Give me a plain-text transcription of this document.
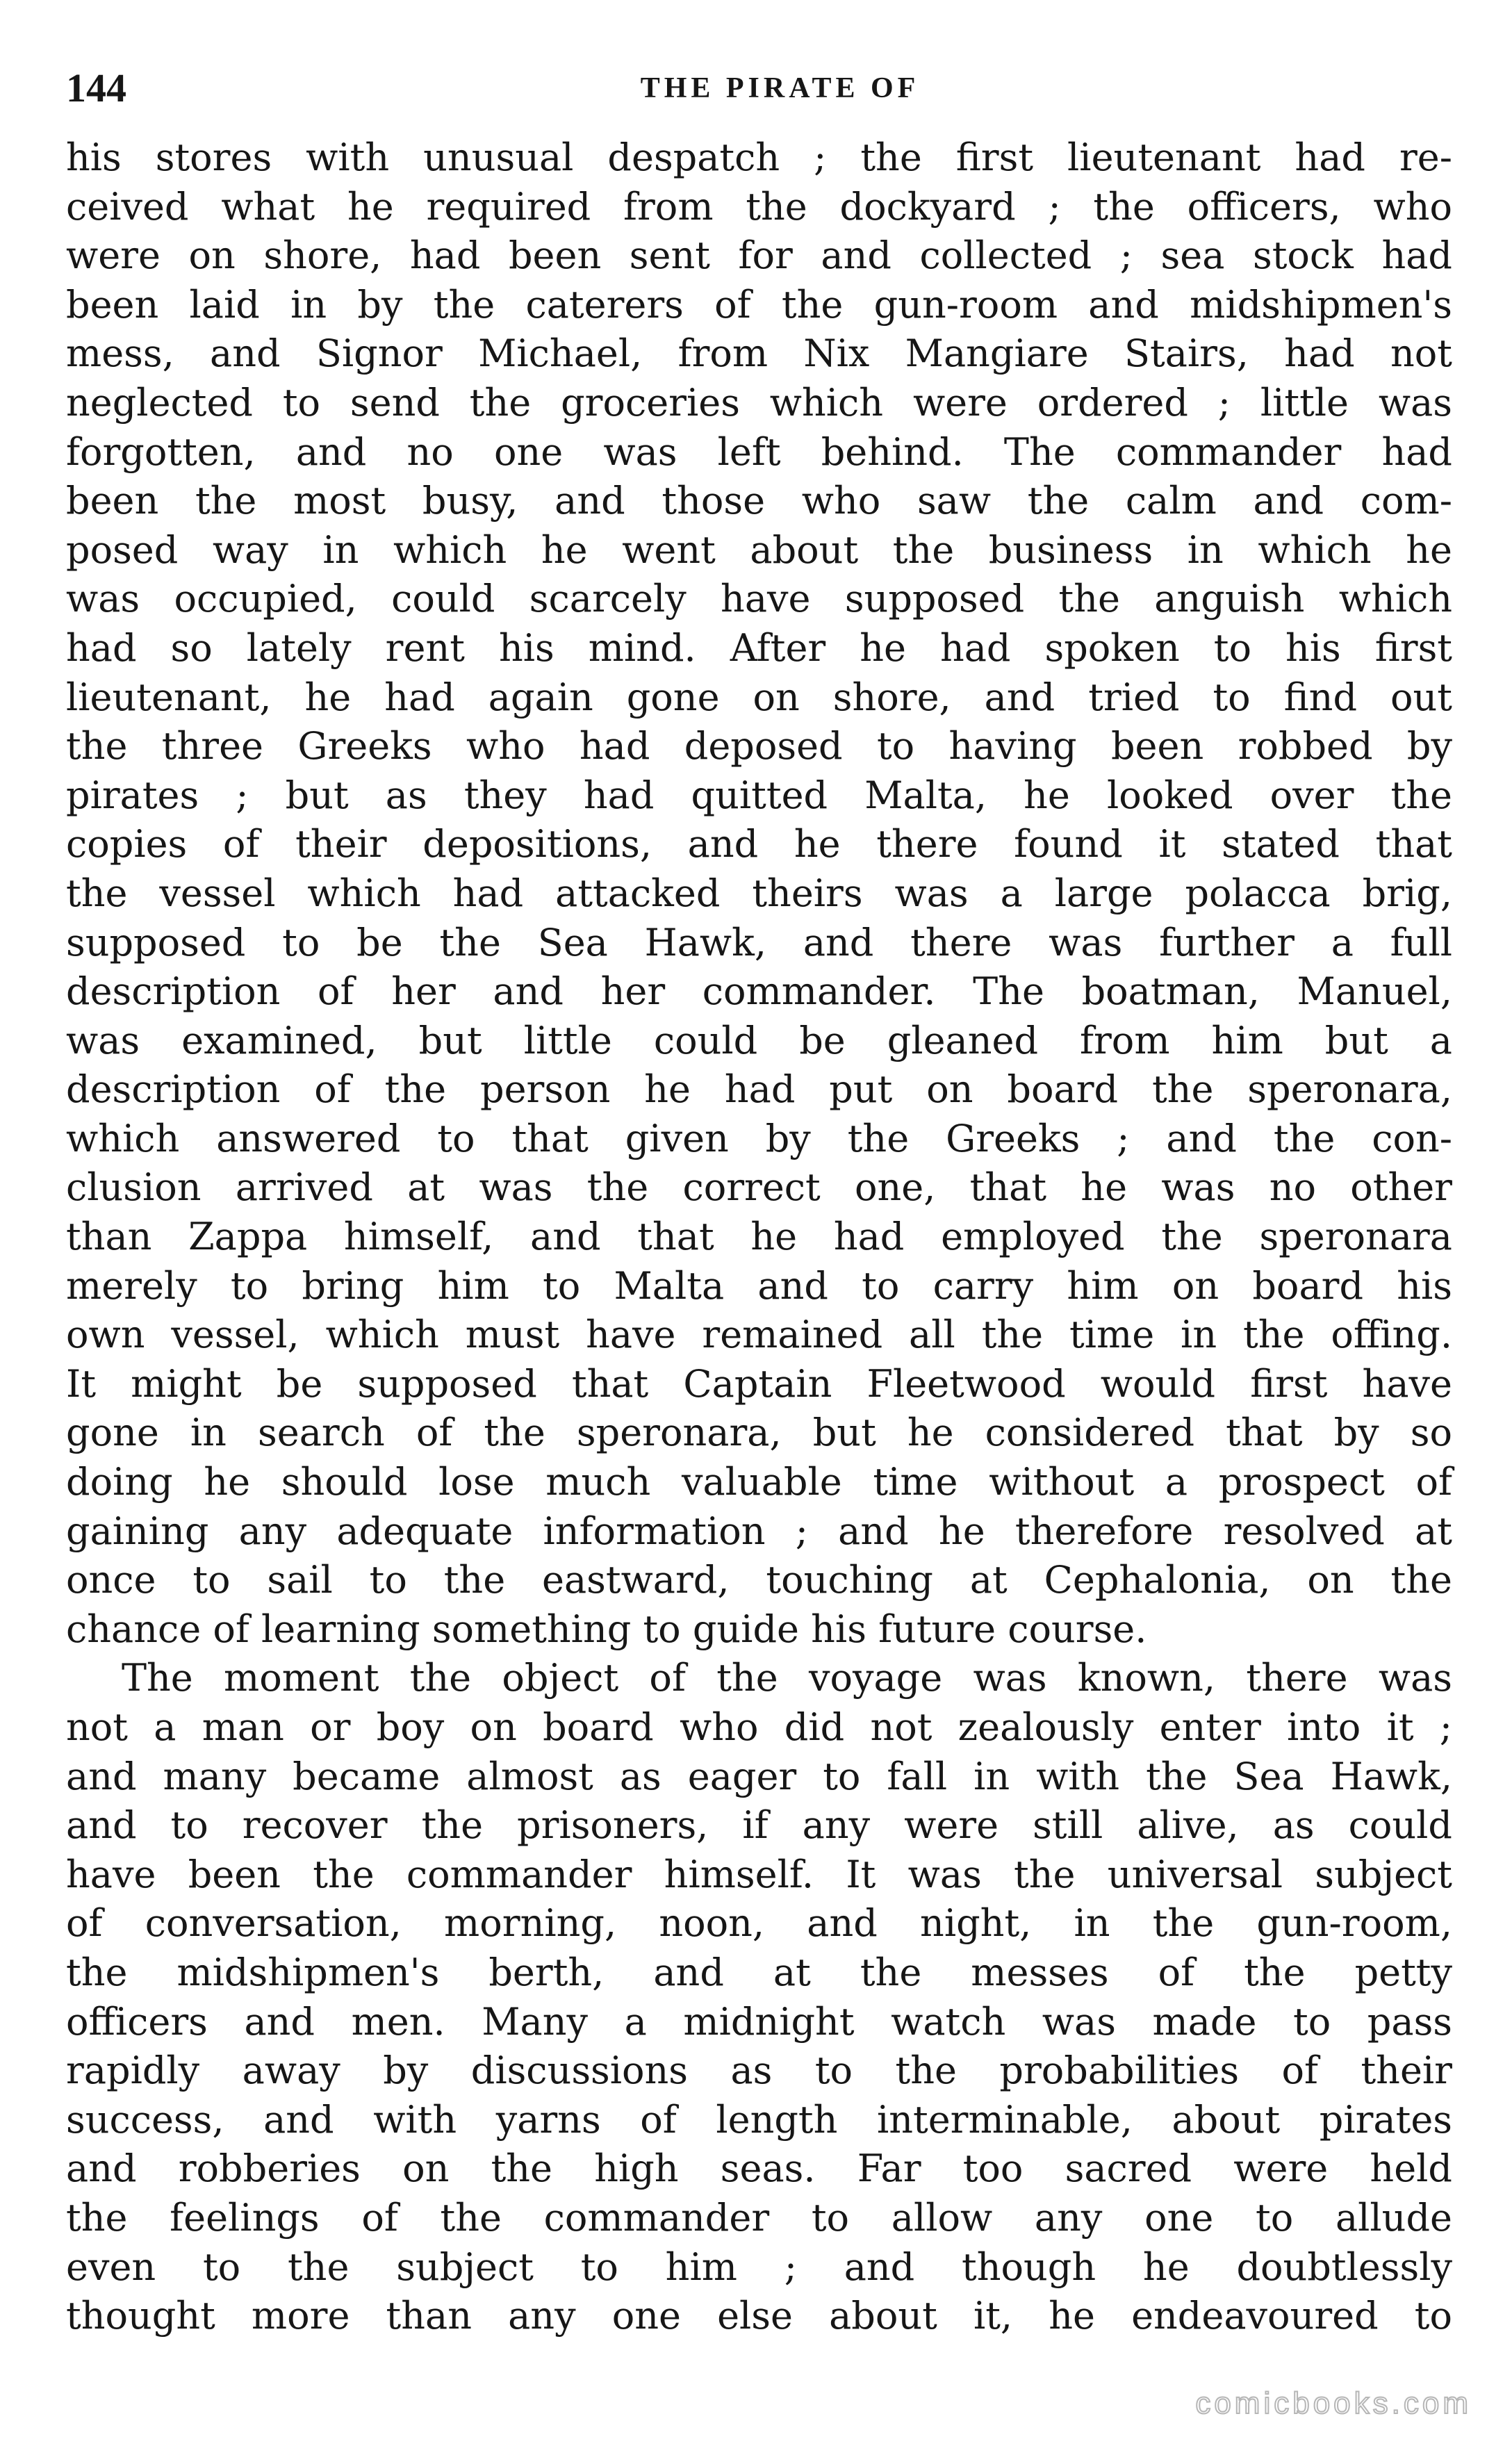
144	THE PIRATE OF
his stores with unusual despatch ; the first lieutenant had re-
ceived what he required from the dockyard ; the officers, who
were on shore, had been sent for and collected ; sea stock had
been laid in by the caterers of the gun-room and midshipmen's
mess, and Signor Michael, from Nix Mangiare Stairs, had not
neglected to send the groceries which were ordered ; little was
forgotten, and no one was left behind. The commander had
been the most busy, and those who saw the calm and com-
posed way in which he went about the business in which he
was occupied, could scarcely have supposed the anguish which
had so lately rent his mind. After he had spoken to his first
lieutenant, he had again gone on shore, and tried to find out
the three Greeks who had deposed to having been robbed by
pirates ; but as they had quitted Malta, he looked over the
copies of their depositions, and he there found it stated that
the vessel which had attacked theirs was a large polacca brig,
supposed to be the Sea Hawk, and there was further a full
description of her and her commander. The boatman, Manuel,
was examined, but little could be gleaned from him but a
description of the person he had put on board the speronara,
which answered to that given by the Greeks ; and the con-
clusion arrived at was the correct one, that he was no other
than Zappa himself, and that he had employed the speronara
merely to bring him to Malta and to carry him on board his
own vessel, which must have remained all the time in the offing.
It might be supposed that Captain Fleetwood would first have
gone in search of the speronara, but he considered that by so
doing he should lose much valuable time without a prospect of
gaining any adequate information ; and he therefore resolved at
once to sail to the eastward, touching at Cephalonia, on the
chance of learning something to guide his future course.
The moment the object of the voyage was known, there was
not a man or boy on board who did not zealously enter into it ;
and many became almost as eager to fall in with the Sea Hawk,
and to recover the prisoners, if any were still alive, as could
have been the commander himself. It was the universal subject
of conversation, morning, noon, and night, in the gun-room,
the midshipmen's berth, and at the messes of the petty
officers and men. Many a midnight watch was made to pass
rapidly away by discussions as to the probabilities of their
success, and with yarns of length interminable, about pirates
and robberies on the high seas. Far too sacred were held
the feelings of the commander to allow any one to allude
even to the subject to him ; and though he doubtlessly
thought more than any one else about it, he endeavoured to
comicbooks.com
